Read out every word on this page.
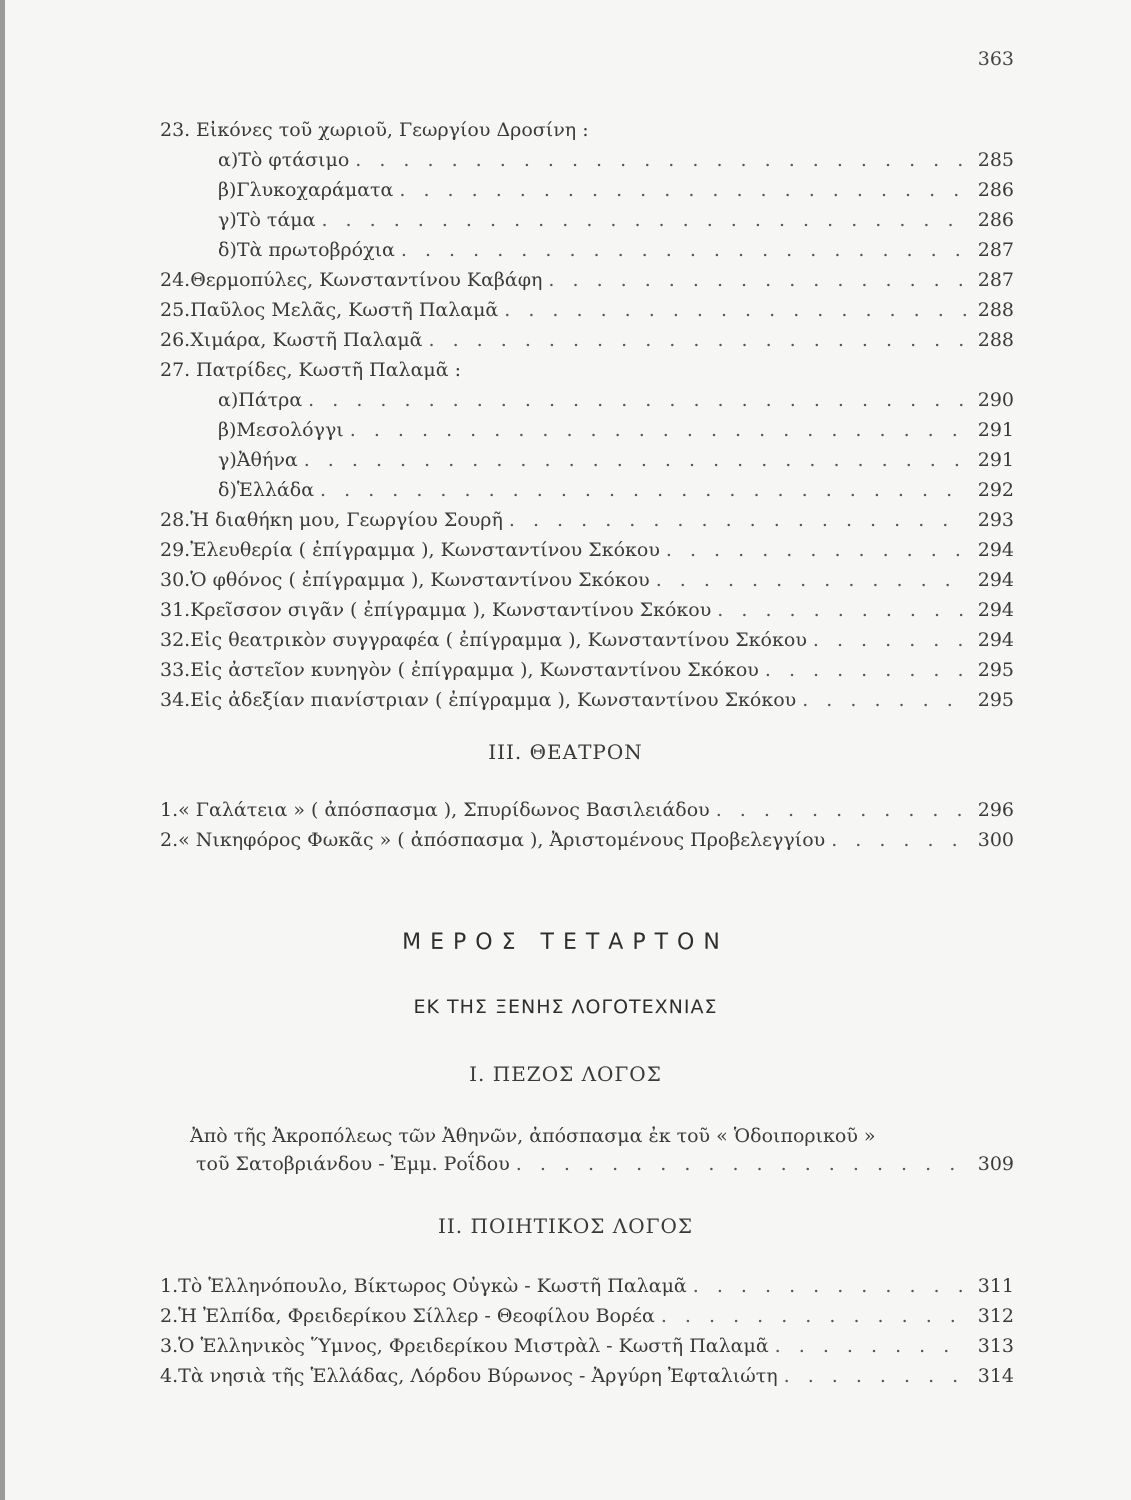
363
23. Εἰκόνες τοῦ χωριοῦ, Γεωργίου Δροσίνη :
α) Τὸ φτάσιμο . . .	285
β) Γλυκοχαράματα . . .	286
γ) Τὸ τάμα . . .	286
δ) Τὰ πρωτοβρόχια . . .	287
24. Θερμοπύλες, Κωνσταντίνου Καβάφη . . .	287
25. Παῦλος Μελᾶς, Κωστῆ Παλαμᾶ . . .	288
26. Χιμάρα, Κωστῆ Παλαμᾶ . . .	288
27. Πατρίδες, Κωστῆ Παλαμᾶ :
α) Πάτρα . . .	290
β) Μεσολόγγι . . .	291
γ) Ἀθήνα . . .	291
δ) Ἑλλάδα . . .	292
28. Ἡ διαθήκη μου, Γεωργίου Σουρῆ . . .	293
29. Ἐλευθερία ( ἐπίγραμμα ), Κωνσταντίνου Σκόκου . . .	294
30. Ὁ φθόνος ( ἐπίγραμμα ), Κωνσταντίνου Σκόκου . . .	294
31. Κρεῖσσον σιγᾶν ( ἐπίγραμμα ), Κωνσταντίνου Σκόκου . . .	294
32. Εἰς θεατρικὸν συγγραφέα ( ἐπίγραμμα ), Κωνσταντίνου Σκόκου . . .	294
33. Εἰς ἀστεῖον κυνηγὸν ( ἐπίγραμμα ), Κωνσταντίνου Σκόκου . . .	295
34. Εἰς ἀδεξίαν πιανίστριαν ( ἐπίγραμμα ), Κωνσταντίνου Σκόκου . . .	295
III. ΘΕΑΤΡΟΝ
1. « Γαλάτεια » ( ἀπόσπασμα ), Σπυρίδωνος Βασιλειάδου . . .	296
2. « Νικηφόρος Φωκᾶς » ( ἀπόσπασμα ), Ἀριστομένους Προβελεγγίου . . .	300
ΜΕΡΟΣ ΤΕΤΑΡΤΟΝ
ΕΚ ΤΗΣ ΞΕΝΗΣ ΛΟΓΟΤΕΧΝΙΑΣ
I. ΠΕΖΟΣ ΛΟΓΟΣ
Ἀπὸ τῆς Ἀκροπόλεως τῶν Ἀθηνῶν, ἀπόσπασμα ἐκ τοῦ « Ὁδοιπορικοῦ »
τοῦ Σατοβριάνδου - Ἐμμ. Ροΐδου . . .	309
II. ΠΟΙΗΤΙΚΟΣ ΛΟΓΟΣ
1. Τὸ Ἑλληνόπουλο, Βίκτωρος Οὐγκὼ - Κωστῆ Παλαμᾶ . . .	311
2. Ἡ Ἐλπίδα, Φρειδερίκου Σίλλερ - Θεοφίλου Βορέα . . .	312
3. Ὁ Ἑλληνικὸς Ὕμνος, Φρειδερίκου Μιστρὰλ - Κωστῆ Παλαμᾶ . . .	313
4. Τὰ νησιὰ τῆς Ἑλλάδας, Λόρδου Βύρωνος - Ἀργύρη Ἐφταλιώτη . . .	314
